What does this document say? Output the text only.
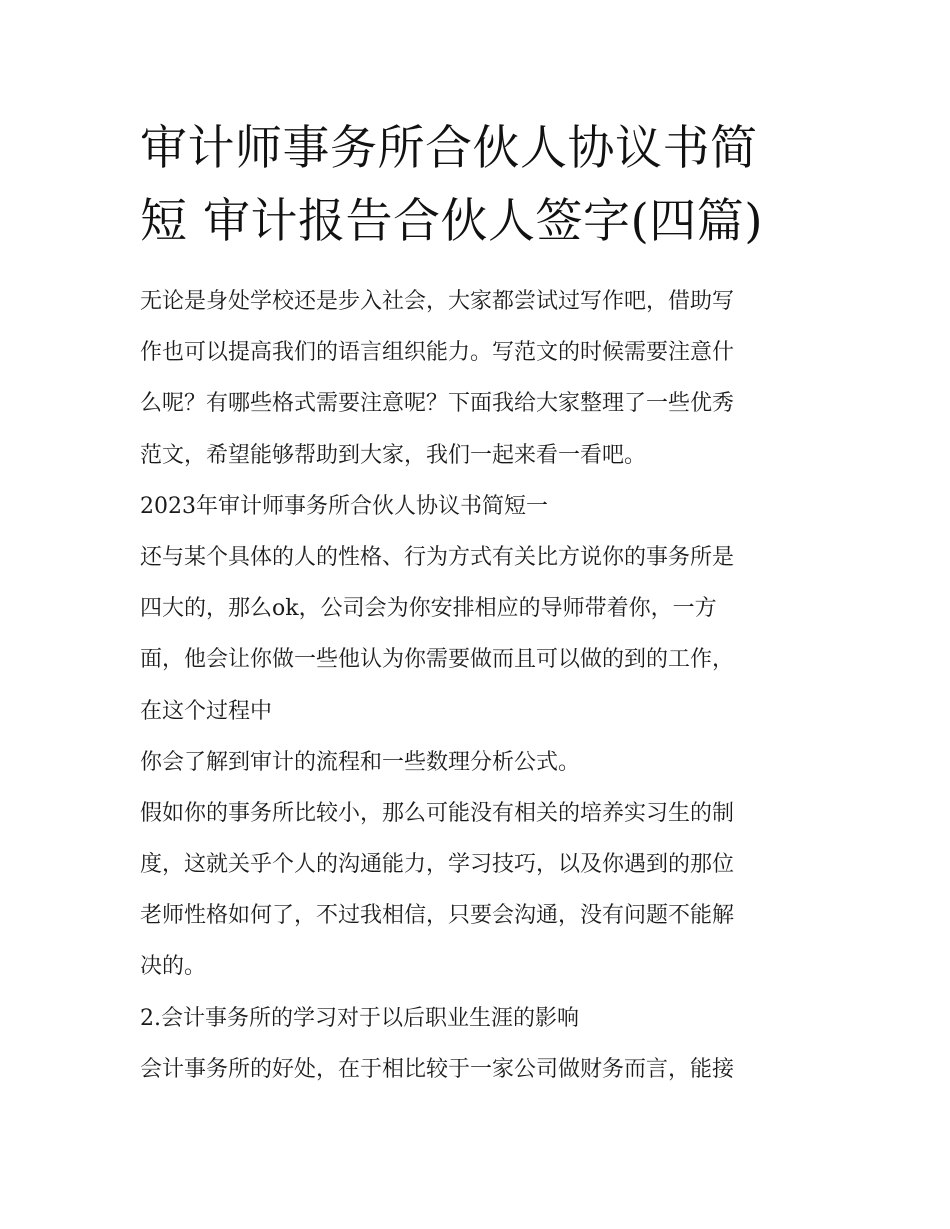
审计师事务所合伙人协议书简
短 审计报告合伙人签字(四篇)

无论是身处学校还是步入社会，大家都尝试过写作吧，借助写
作也可以提高我们的语言组织能力。写范文的时候需要注意什
么呢？有哪些格式需要注意呢？下面我给大家整理了一些优秀
范文，希望能够帮助到大家，我们一起来看一看吧。

2023年审计师事务所合伙人协议书简短一

还与某个具体的人的性格、行为方式有关比方说你的事务所是
四大的，那么ok，公司会为你安排相应的导师带着你，一方
面，他会让你做一些他认为你需要做而且可以做的到的工作，
在这个过程中

你会了解到审计的流程和一些数理分析公式。

假如你的事务所比较小，那么可能没有相关的培养实习生的制
度，这就关乎个人的沟通能力，学习技巧，以及你遇到的那位
老师性格如何了，不过我相信，只要会沟通，没有问题不能解
决的。

2.会计事务所的学习对于以后职业生涯的影响

会计事务所的好处，在于相比较于一家公司做财务而言，能接
